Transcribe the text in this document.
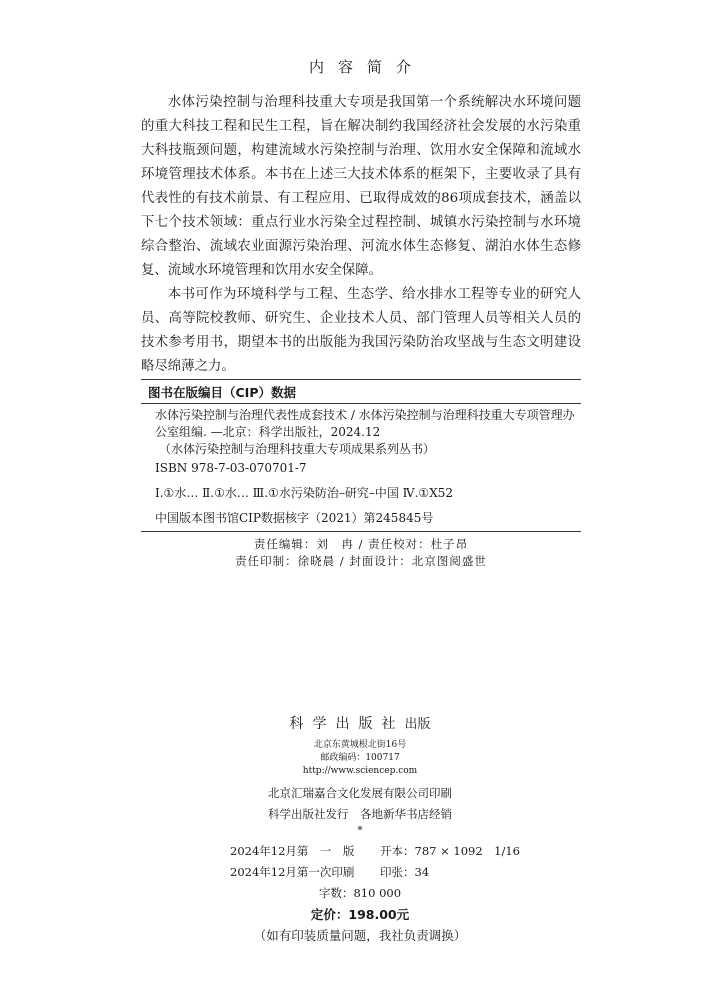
内容简介

水体污染控制与治理科技重大专项是我国第一个系统解决水环境问题的重大科技工程和民生工程，旨在解决制约我国经济社会发展的水污染重大科技瓶颈问题，构建流域水污染控制与治理、饮用水安全保障和流域水环境管理技术体系。本书在上述三大技术体系的框架下，主要收录了具有代表性的有技术前景、有工程应用、已取得成效的86项成套技术，涵盖以下七个技术领域：重点行业水污染全过程控制、城镇水污染控制与水环境综合整治、流域农业面源污染治理、河流水体生态修复、湖泊水体生态修复、流域水环境管理和饮用水安全保障。

本书可作为环境科学与工程、生态学、给水排水工程等专业的研究人员、高等院校教师、研究生、企业技术人员、部门管理人员等相关人员的技术参考用书，期望本书的出版能为我国污染防治攻坚战与生态文明建设略尽绵薄之力。

图书在版编目（CIP）数据

水体污染控制与治理代表性成套技术 / 水体污染控制与治理科技重大专项管理办公室组编. —北京：科学出版社，2024.12

（水体污染控制与治理科技重大专项成果系列丛书）

ISBN 978-7-03-070701-7

Ⅰ.①水… Ⅱ.①水… Ⅲ.①水污染防治–研究–中国 Ⅳ.①X52

中国版本图书馆CIP数据核字（2021）第245845号

责任编辑：刘　冉 / 责任校对：杜子昂
责任印制：徐晓晨 / 封面设计：北京图阅盛世
科学出版社出版
北京东黄城根北街16号
邮政编码：100717
http://www.sciencep.com
北京汇瑞嘉合文化发展有限公司印刷
科学出版社发行　各地新华书店经销
*
2024年12月第　一　版 开本：787 × 1092　1/16
2024年12月第一次印刷 印张：34
字数：810 000
定价：198.00元
（如有印装质量问题，我社负责调换）
